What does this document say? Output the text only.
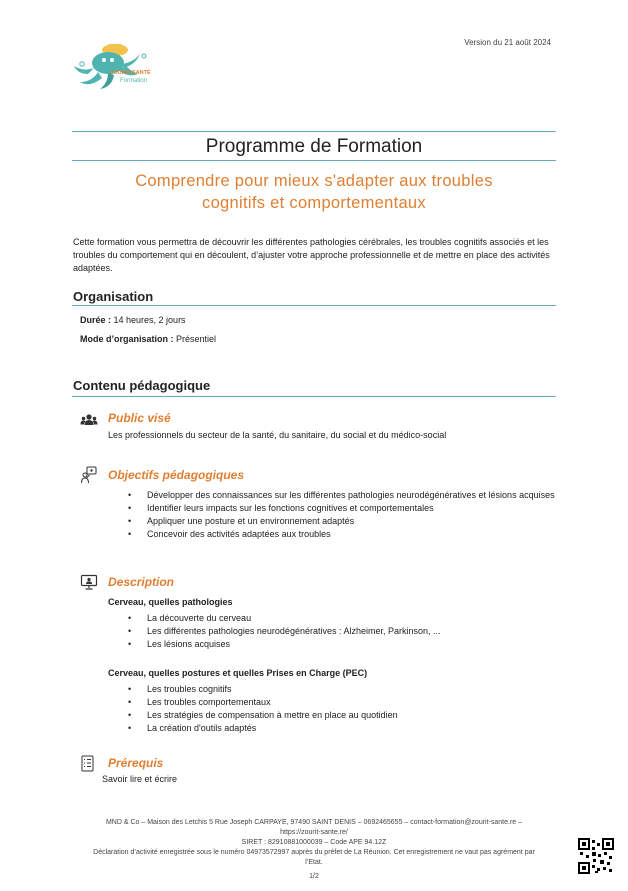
Version du 21 août 2024
ZOURIT SANTÉ
Formation
Programme de Formation
Comprendre pour mieux s'adapter aux troubles
cognitifs et comportementaux
Cette formation vous permettra de découvrir les différentes pathologies cérébrales, les troubles cognitifs associés et les troubles du comportement qui en découlent, d’ajuster votre approche professionnelle et de mettre en place des activités adaptées.
Organisation
Durée : 14 heures, 2 jours
Mode d’organisation : Présentiel
Contenu pédagogique
Public visé
Les professionnels du secteur de la santé, du sanitaire, du social et du médico-social
Objectifs pédagogiques
• Développer des connaissances sur les différentes pathologies neurodégénératives et lésions acquises
• Identifier leurs impacts sur les fonctions cognitives et comportementales
• Appliquer une posture et un environnement adaptés
• Concevoir des activités adaptées aux troubles
Description
Cerveau, quelles pathologies
• La découverte du cerveau
• Les différentes pathologies neurodégénératives : Alzheimer, Parkinson, ...
• Les lésions acquises
Cerveau, quelles postures et quelles Prises en Charge (PEC)
• Les troubles cognitifs
• Les troubles comportementaux
• Les stratégies de compensation à mettre en place au quotidien
• La création d'outils adaptés
Prérequis
Savoir lire et écrire
MND & Co – Maison des Letchis 5 Rue Joseph CARPAYE, 97490 SAINT DENIS – 0692465655 – contact-formation@zourit-sante.re –
https://zourit-sante.re/
SIRET : 82910881000039 – Code APE 94.12Z
Déclaration d’activité enregistrée sous le numéro 04973572997 auprès du préfet de La Réunion. Cet enregistrement ne vaut pas agrément par
l’Etat.
1/2
